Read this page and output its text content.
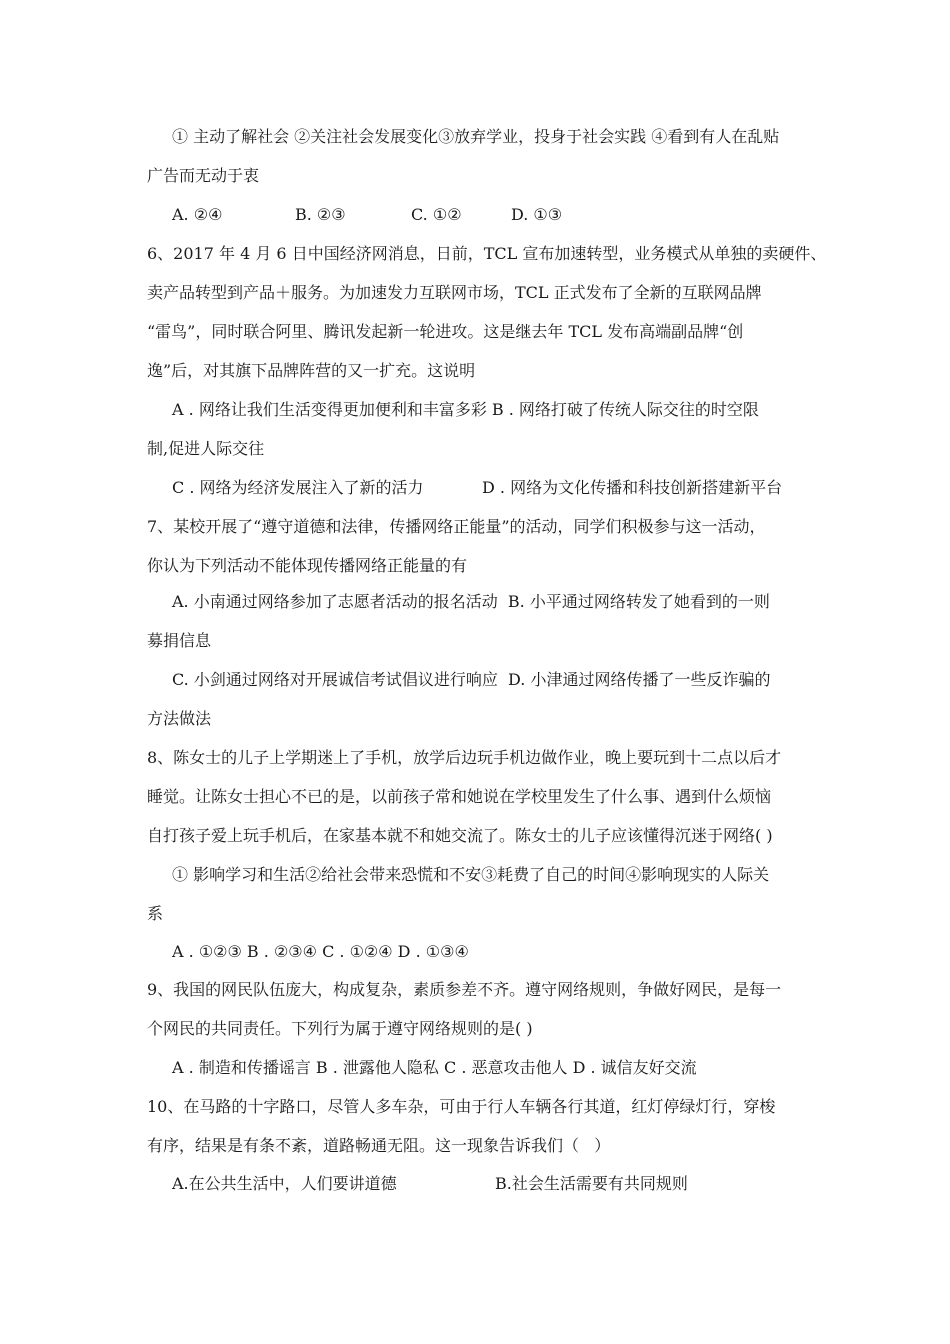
① 主动了解社会 ②关注社会发展变化③放弃学业，投身于社会实践 ④看到有人在乱贴
广告而无动于衷
A. ②④	B. ②③	C. ①②	D. ①③
6、2017 年 4 月 6 日中国经济网消息，日前，TCL 宣布加速转型，业务模式从单独的卖硬件、
卖产品转型到产品＋服务。为加速发力互联网市场，TCL 正式发布了全新的互联网品牌
“雷鸟”，同时联合阿里、腾讯发起新一轮进攻。这是继去年 TCL 发布高端副品牌“创
逸”后，对其旗下品牌阵营的又一扩充。这说明
A . 网络让我们生活变得更加便利和丰富多彩 B . 网络打破了传统人际交往的时空限
制,促进人际交往
C . 网络为经济发展注入了新的活力	D . 网络为文化传播和科技创新搭建新平台
7、某校开展了“遵守道德和法律，传播网络正能量”的活动，同学们积极参与这一活动，
你认为下列活动不能体现传播网络正能量的有
A. 小南通过网络参加了志愿者活动的报名活动  B. 小平通过网络转发了她看到的一则
募捐信息
C. 小剑通过网络对开展诚信考试倡议进行响应  D. 小津通过网络传播了一些反诈骗的
方法做法
8、陈女士的儿子上学期迷上了手机，放学后边玩手机边做作业，晚上要玩到十二点以后才
睡觉。让陈女士担心不已的是，以前孩子常和她说在学校里发生了什么事、遇到什么烦恼
自打孩子爱上玩手机后，在家基本就不和她交流了。陈女士的儿子应该懂得沉迷于网络( )
① 影响学习和生活②给社会带来恐慌和不安③耗费了自己的时间④影响现实的人际关
系
A . ①②③ B . ②③④ C . ①②④ D . ①③④
9、我国的网民队伍庞大，构成复杂，素质参差不齐。遵守网络规则，争做好网民，是每一
个网民的共同责任。下列行为属于遵守网络规则的是( )
A . 制造和传播谣言 B . 泄露他人隐私 C . 恶意攻击他人 D . 诚信友好交流
10、在马路的十字路口，尽管人多车杂，可由于行人车辆各行其道，红灯停绿灯行，穿梭
有序，结果是有条不紊，道路畅通无阻。这一现象告诉我们（   ）
A.在公共生活中，人们要讲道德	B.社会生活需要有共同规则
